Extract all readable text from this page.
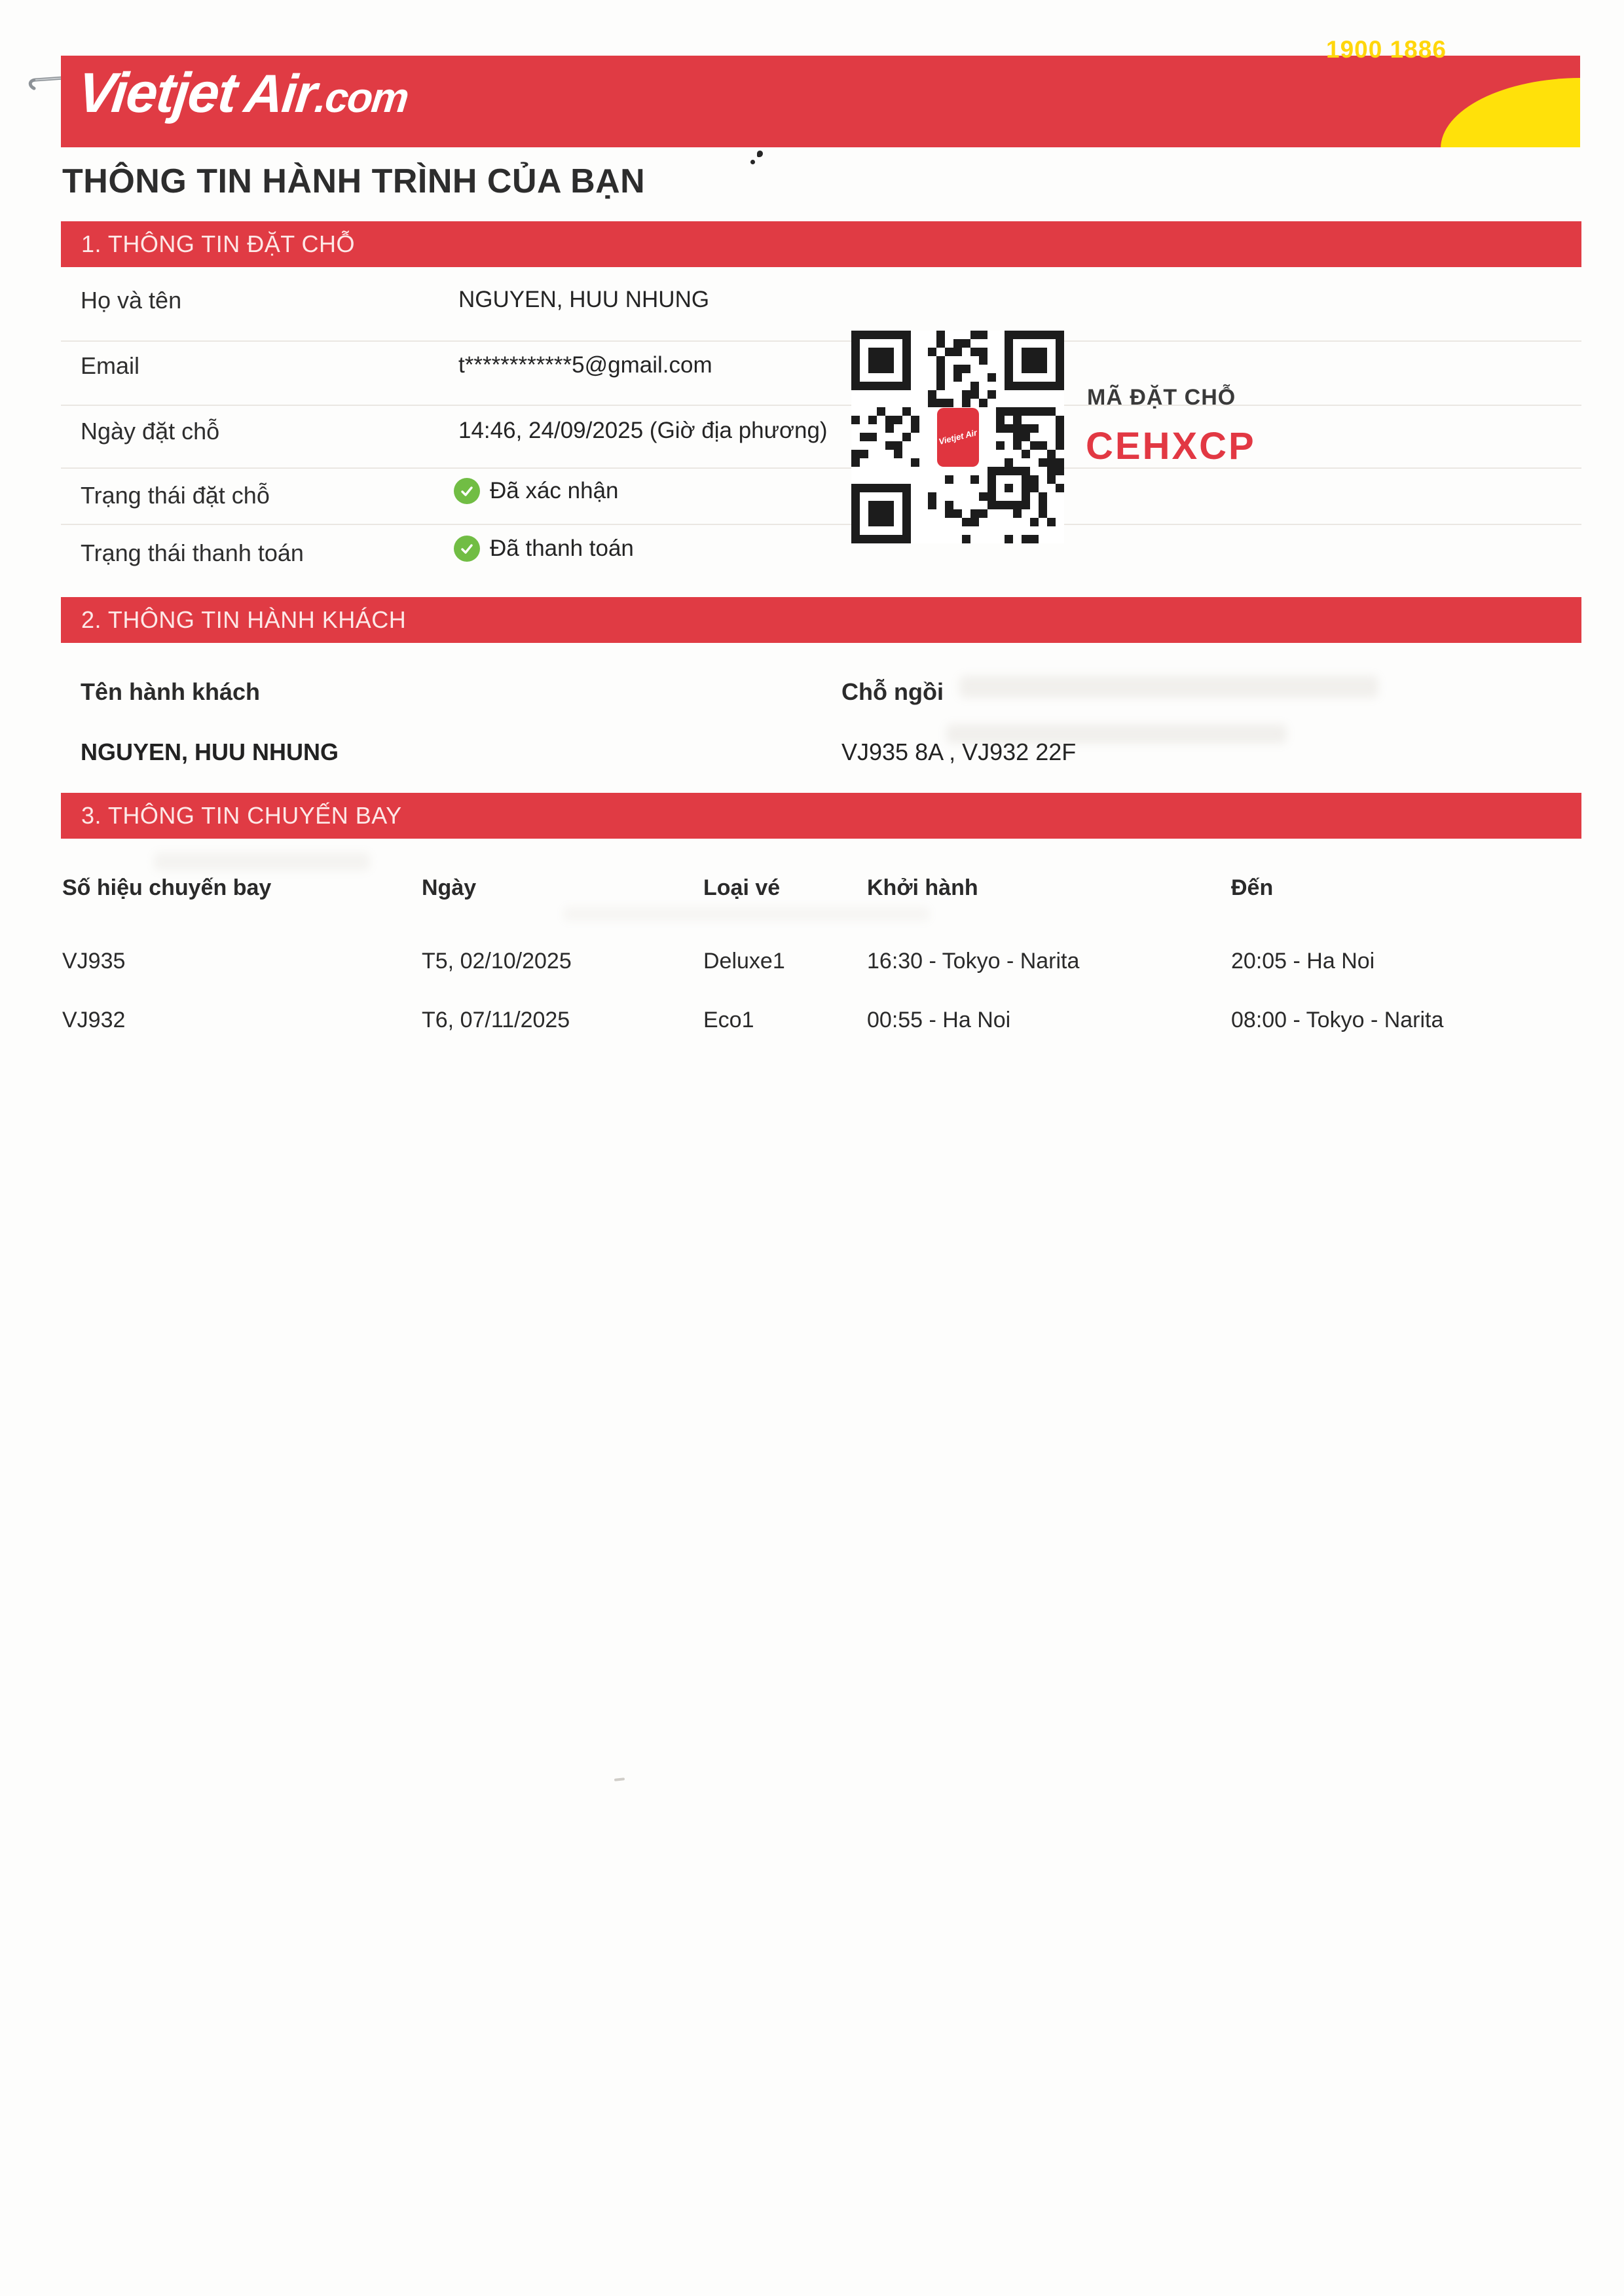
VietjetAir.com
1900 1886
THÔNG TIN HÀNH TRÌNH CỦA BẠN
1. THÔNG TIN ĐẶT CHỖ
Họ và tên	NGUYEN, HUU NHUNG
Email	t************5@gmail.com
Ngày đặt chỗ	14:46, 24/09/2025 (Giờ địa phương)
Trạng thái đặt chỗ	Đã xác nhận
Trạng thái thanh toán	Đã thanh toán
Vietjet Air
MÃ ĐẶT CHỖ
CEHXCP
2. THÔNG TIN HÀNH KHÁCH
Tên hành khách	Chỗ ngồi
NGUYEN, HUU NHUNG	VJ935 8A , VJ932 22F
3. THÔNG TIN CHUYẾN BAY
Số hiệu chuyến bay	Ngày	Loại vé	Khởi hành	Đến
VJ935	T5, 02/10/2025	Deluxe1	16:30 - Tokyo - Narita	20:05 - Ha Noi
VJ932	T6, 07/11/2025	Eco1	00:55 - Ha Noi	08:00 - Tokyo - Narita
